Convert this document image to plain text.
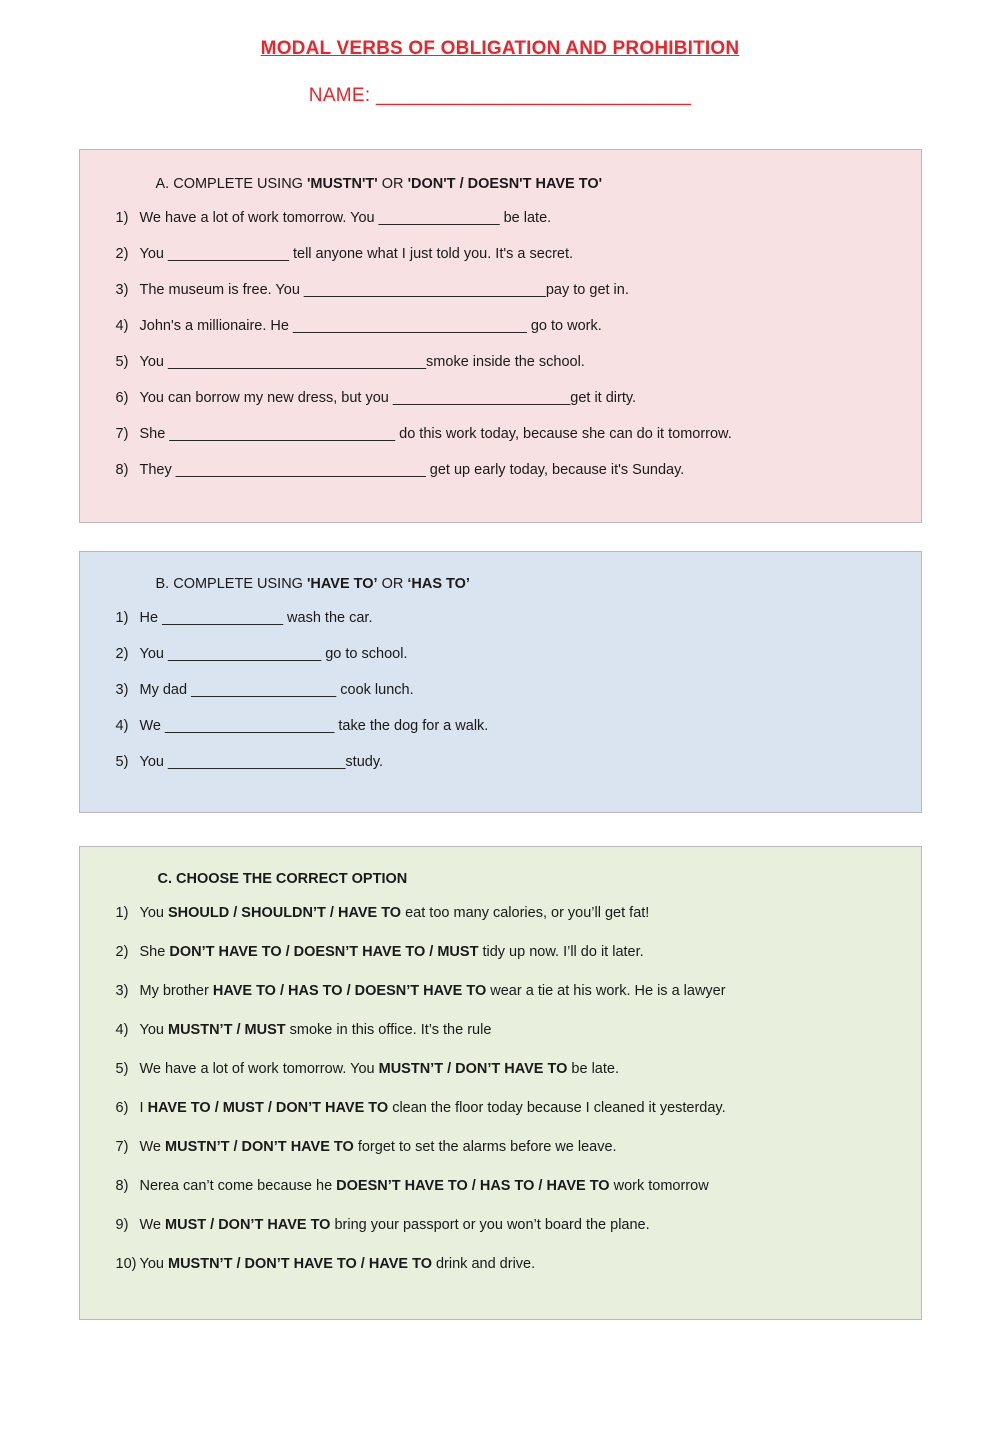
MODAL VERBS OF OBLIGATION AND PROHIBITION
NAME: _____________________________
A. COMPLETE USING 'MUSTN'T' OR 'DON'T / DOESN'T HAVE TO'
1) We have a lot of work tomorrow. You _______________ be late.
2) You _______________ tell anyone what I just told you. It's a secret.
3) The museum is free. You ______________________________pay to get in.
4) John's a millionaire. He _____________________________ go to work.
5) You ________________________________smoke inside the school.
6) You can borrow my new dress, but you ______________________get it dirty.
7) She ____________________________ do this work today, because she can do it tomorrow.
8) They _______________________________ get up early today, because it's Sunday.
B. COMPLETE USING 'HAVE TO’ OR ‘HAS TO’
1) He _______________ wash the car.
2) You ___________________ go to school.
3) My dad __________________ cook lunch.
4) We _____________________ take the dog for a walk.
5) You ______________________study.
C. CHOOSE THE CORRECT OPTION
1) You SHOULD / SHOULDN’T / HAVE TO eat too many calories, or you’ll get fat!
2) She DON’T HAVE TO / DOESN’T HAVE TO / MUST tidy up now. I’ll do it later.
3) My brother HAVE TO / HAS TO / DOESN’T HAVE TO wear a tie at his work. He is a lawyer
4) You MUSTN’T / MUST smoke in this office. It’s the rule
5) We have a lot of work tomorrow. You MUSTN’T / DON’T HAVE TO be late.
6) I HAVE TO / MUST / DON’T HAVE TO clean the floor today because I cleaned it yesterday.
7) We MUSTN’T / DON’T HAVE TO forget to set the alarms before we leave.
8) Nerea can’t come because he DOESN’T HAVE TO / HAS TO / HAVE TO work tomorrow
9) We MUST / DON’T HAVE TO bring your passport or you won’t board the plane.
10) You MUSTN’T / DON’T HAVE TO / HAVE TO drink and drive.
